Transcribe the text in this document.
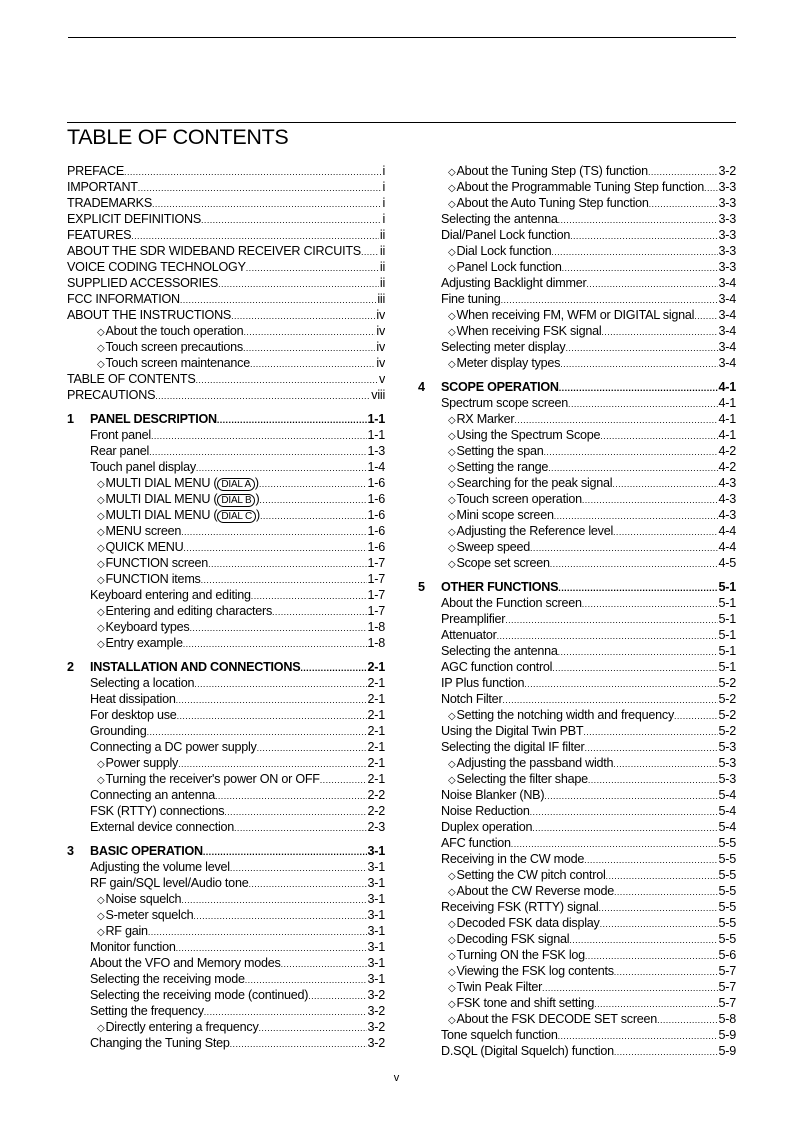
TABLE OF CONTENTS
PREFACE .....	i
IMPORTANT .....	i
TRADEMARKS .....	i
EXPLICIT DEFINITIONS .....	i
FEATURES .....	ii
ABOUT THE SDR WIDEBAND RECEIVER CIRCUITS ..... ii
VOICE CODING TECHNOLOGY .....	ii
SUPPLIED ACCESSORIES .....	ii
FCC INFORMATION .....	iii
ABOUT THE INSTRUCTIONS .....	iv
◇ About the touch operation .....	iv
◇ Touch screen precautions .....	iv
◇ Touch screen maintenance .....	iv
TABLE OF CONTENTS .....	v
PRECAUTIONS .....	viii
1	PANEL DESCRIPTION .....	1-1
Front panel .....	1-1
Rear panel .....	1-3
Touch panel display .....	1-4
◇ MULTI DIAL MENU ( DIAL A ) .....	1-6
◇ MULTI DIAL MENU ( DIAL B ) .....	1-6
◇ MULTI DIAL MENU ( DIAL C ) .....	1-6
◇ MENU screen .....	1-6
◇ QUICK MENU .....	1-6
◇ FUNCTION screen .....	1-7
◇ FUNCTION items .....	1-7
Keyboard entering and editing .....	1-7
◇ Entering and editing characters .....	1-7
◇ Keyboard types .....	1-8
◇ Entry example .....	1-8
2	INSTALLATION AND CONNECTIONS .....	2-1
Selecting a location .....	2-1
Heat dissipation .....	2-1
For desktop use .....	2-1
Grounding .....	2-1
Connecting a DC power supply .....	2-1
◇ Power supply .....	2-1
◇ Turning the receiver's power ON or OFF .....	2-1
Connecting an antenna .....	2-2
FSK (RTTY) connections .....	2-2
External device connection .....	2-3
3	BASIC OPERATION .....	3-1
Adjusting the volume level .....	3-1
RF gain/SQL level/Audio tone .....	3-1
◇ Noise squelch .....	3-1
◇ S-meter squelch .....	3-1
◇ RF gain .....	3-1
Monitor function .....	3-1
About the VFO and Memory modes .....	3-1
Selecting the receiving mode .....	3-1
Selecting the receiving mode (continued) .....	3-2
Setting the frequency .....	3-2
◇ Directly entering a frequency .....	3-2
Changing the Tuning Step .....	3-2
◇ About the Tuning Step (TS) function .....	3-2
◇ About the Programmable Tuning Step function ..... 3-3
◇ About the Auto Tuning Step function .....	3-3
Selecting the antenna .....	3-3
Dial/Panel Lock function .....	3-3
◇ Dial Lock function .....	3-3
◇ Panel Lock function .....	3-3
Adjusting Backlight dimmer .....	3-4
Fine tuning .....	3-4
◇ When receiving FM, WFM or DIGITAL signal ..... 3-4
◇ When receiving FSK signal .....	3-4
Selecting meter display .....	3-4
◇ Meter display types .....	3-4
4	SCOPE OPERATION .....	4-1
Spectrum scope screen .....	4-1
◇ RX Marker .....	4-1
◇ Using the Spectrum Scope .....	4-1
◇ Setting the span .....	4-2
◇ Setting the range .....	4-2
◇ Searching for the peak signal .....	4-3
◇ Touch screen operation .....	4-3
◇ Mini scope screen .....	4-3
◇ Adjusting the Reference level .....	4-4
◇ Sweep speed .....	4-4
◇ Scope set screen .....	4-5
5	OTHER FUNCTIONS .....	5-1
About the Function screen .....	5-1
Preamplifier .....	5-1
Attenuator .....	5-1
Selecting the antenna .....	5-1
AGC function control .....	5-1
IP Plus function .....	5-2
Notch Filter .....	5-2
◇ Setting the notching width and frequency .....	5-2
Using the Digital Twin PBT .....	5-2
Selecting the digital IF filter .....	5-3
◇ Adjusting the passband width .....	5-3
◇ Selecting the filter shape .....	5-3
Noise Blanker (NB) .....	5-4
Noise Reduction .....	5-4
Duplex operation .....	5-4
AFC function .....	5-5
Receiving in the CW mode .....	5-5
◇ Setting the CW pitch control .....	5-5
◇ About the CW Reverse mode .....	5-5
Receiving FSK (RTTY) signal .....	5-5
◇ Decoded FSK data display .....	5-5
◇ Decoding FSK signal .....	5-5
◇ Turning ON the FSK log .....	5-6
◇ Viewing the FSK log contents .....	5-7
◇ Twin Peak Filter .....	5-7
◇ FSK tone and shift setting .....	5-7
◇ About the FSK DECODE SET screen .....	5-8
Tone squelch function .....	5-9
D.SQL (Digital Squelch) function .....	5-9
v
